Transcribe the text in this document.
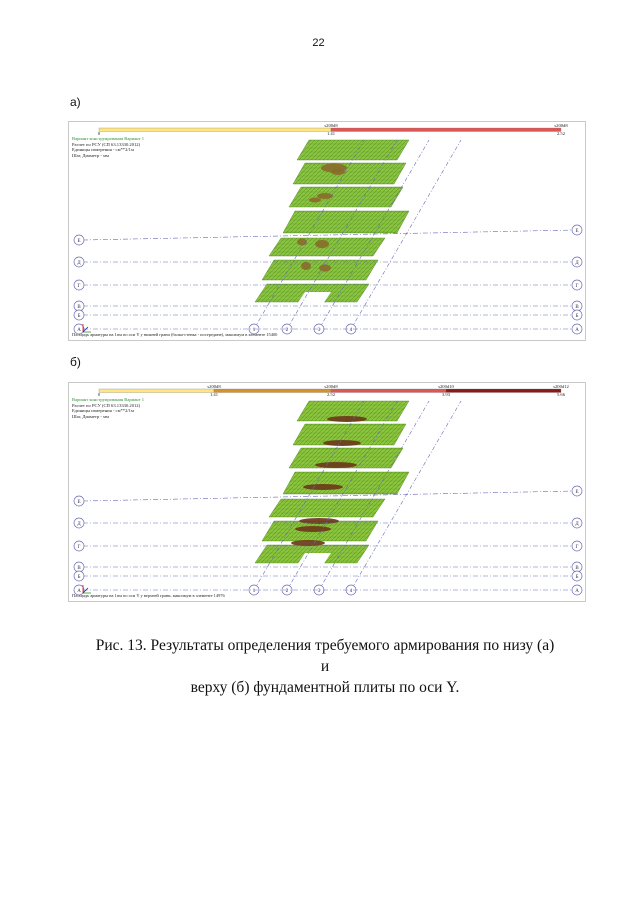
22
а)
1	2	3	4
Е
Е
Д	Д
Г	Г
В	В
Б	Б
А	А
0
s200d8
1.41
s200d8
2.52
Вариант конструирования Вариант 1
Расчет по РСУ (СП 63.13330.2012)
Единицы измерения - см**2/1м
Шаг, Диаметр - мм
Площадь арматуры на 1пм по оси Y у нижней грани (балка-стенка - посередине), максимум в элементе 15400
б)
1	2	3	4
Е
Е
Д	Д
Г	Г
В	В
Б	Б
А	А
0
s200d8
1.41
s200d8
2.52
s200d10
3.93
s200d12
5.66
Вариант конструирования Вариант 1
Расчет по РСУ (СП 63.13330.2012)
Единицы измерения - см**2/1м
Шаг, Диаметр - мм
Площадь арматуры на 1пм по оси Y у верхней грани, максимум в элементе 14976
Рис. 13. Результаты определения требуемого армирования по низу (а) и
верху (б) фундаментной плиты по оси Y.
